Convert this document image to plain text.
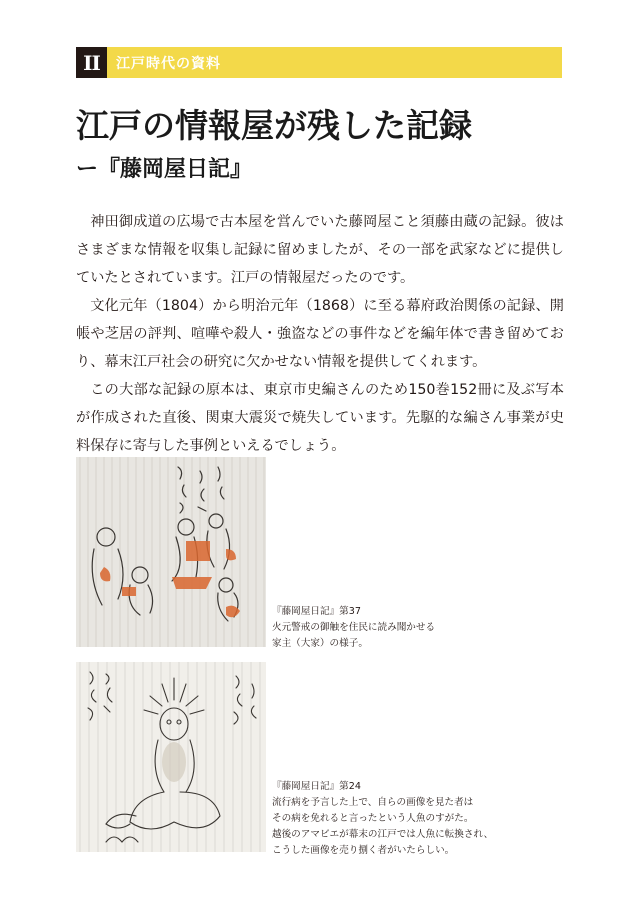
II	江戸時代の資料
江戸の情報屋が残した記録
ー『藤岡屋日記』

神田御成道の広場で古本屋を営んでいた藤岡屋こと須藤由蔵の記録。彼はさまざまな情報を収集し記録に留めましたが、その一部を武家などに提供していたとされています。江戸の情報屋だったのです。

文化元年（1804）から明治元年（1868）に至る幕府政治関係の記録、開帳や芝居の評判、喧嘩や殺人・強盗などの事件などを編年体で書き留めており、幕末江戸社会の研究に欠かせない情報を提供してくれます。

この大部な記録の原本は、東京市史編さんのため150巻152冊に及ぶ写本が作成された直後、関東大震災で焼失しています。先駆的な編さん事業が史料保存に寄与した事例といえるでしょう。

『藤岡屋日記』第37
火元警戒の御触を住民に読み聞かせる
家主（大家）の様子。
『藤岡屋日記』第24
流行病を予言した上で、自らの画像を見た者は
その病を免れると言ったという人魚のすがた。
越後のアマビエが幕末の江戸では人魚に転換され、
こうした画像を売り捌く者がいたらしい。
